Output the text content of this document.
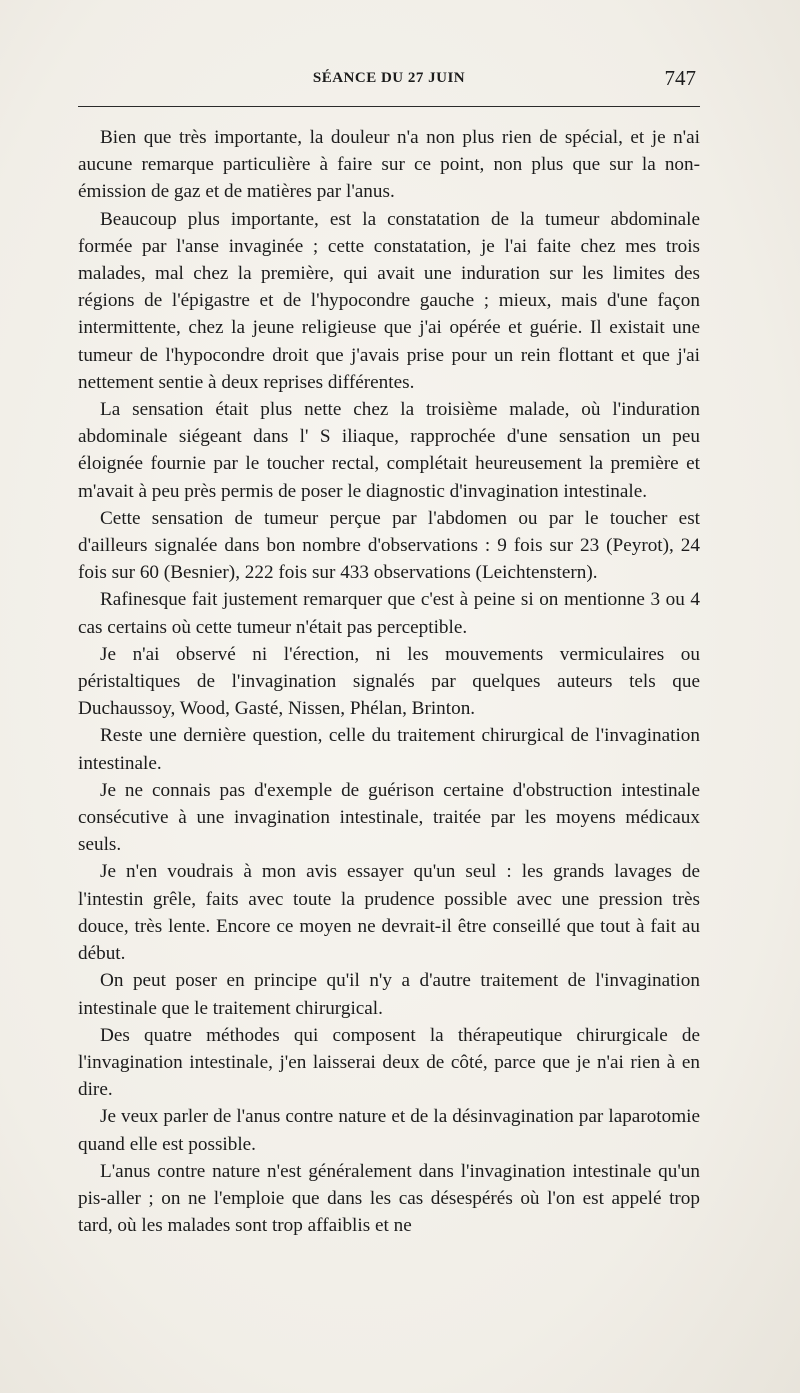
SÉANCE DU 27 JUIN	747

Bien que très importante, la douleur n'a non plus rien de spécial, et je n'ai aucune remarque particulière à faire sur ce point, non plus que sur la non-émission de gaz et de matières par l'anus.

Beaucoup plus importante, est la constatation de la tumeur abdominale formée par l'anse invaginée ; cette constatation, je l'ai faite chez mes trois malades, mal chez la première, qui avait une induration sur les limites des régions de l'épigastre et de l'hypocondre gauche ; mieux, mais d'une façon intermittente, chez la jeune religieuse que j'ai opérée et guérie. Il existait une tumeur de l'hypocondre droit que j'avais prise pour un rein flottant et que j'ai nettement sentie à deux reprises différentes.

La sensation était plus nette chez la troisième malade, où l'induration abdominale siégeant dans l' S iliaque, rapprochée d'une sensation un peu éloignée fournie par le toucher rectal, complétait heureusement la première et m'avait à peu près permis de poser le diagnostic d'invagination intestinale.

Cette sensation de tumeur perçue par l'abdomen ou par le toucher est d'ailleurs signalée dans bon nombre d'observations : 9 fois sur 23 (Peyrot), 24 fois sur 60 (Besnier), 222 fois sur 433 observations (Leichtenstern).

Rafinesque fait justement remarquer que c'est à peine si on mentionne 3 ou 4 cas certains où cette tumeur n'était pas perceptible.

Je n'ai observé ni l'érection, ni les mouvements vermiculaires ou péristaltiques de l'invagination signalés par quelques auteurs tels que Duchaussoy, Wood, Gasté, Nissen, Phélan, Brinton.

Reste une dernière question, celle du traitement chirurgical de l'invagination intestinale.

Je ne connais pas d'exemple de guérison certaine d'obstruction intestinale consécutive à une invagination intestinale, traitée par les moyens médicaux seuls.

Je n'en voudrais à mon avis essayer qu'un seul : les grands lavages de l'intestin grêle, faits avec toute la prudence possible avec une pression très douce, très lente. Encore ce moyen ne devrait-il être conseillé que tout à fait au début.

On peut poser en principe qu'il n'y a d'autre traitement de l'invagination intestinale que le traitement chirurgical.

Des quatre méthodes qui composent la thérapeutique chirurgicale de l'invagination intestinale, j'en laisserai deux de côté, parce que je n'ai rien à en dire.

Je veux parler de l'anus contre nature et de la désinvagination par laparotomie quand elle est possible.

L'anus contre nature n'est généralement dans l'invagination intestinale qu'un pis-aller ; on ne l'emploie que dans les cas désespérés où l'on est appelé trop tard, où les malades sont trop affaiblis et ne
